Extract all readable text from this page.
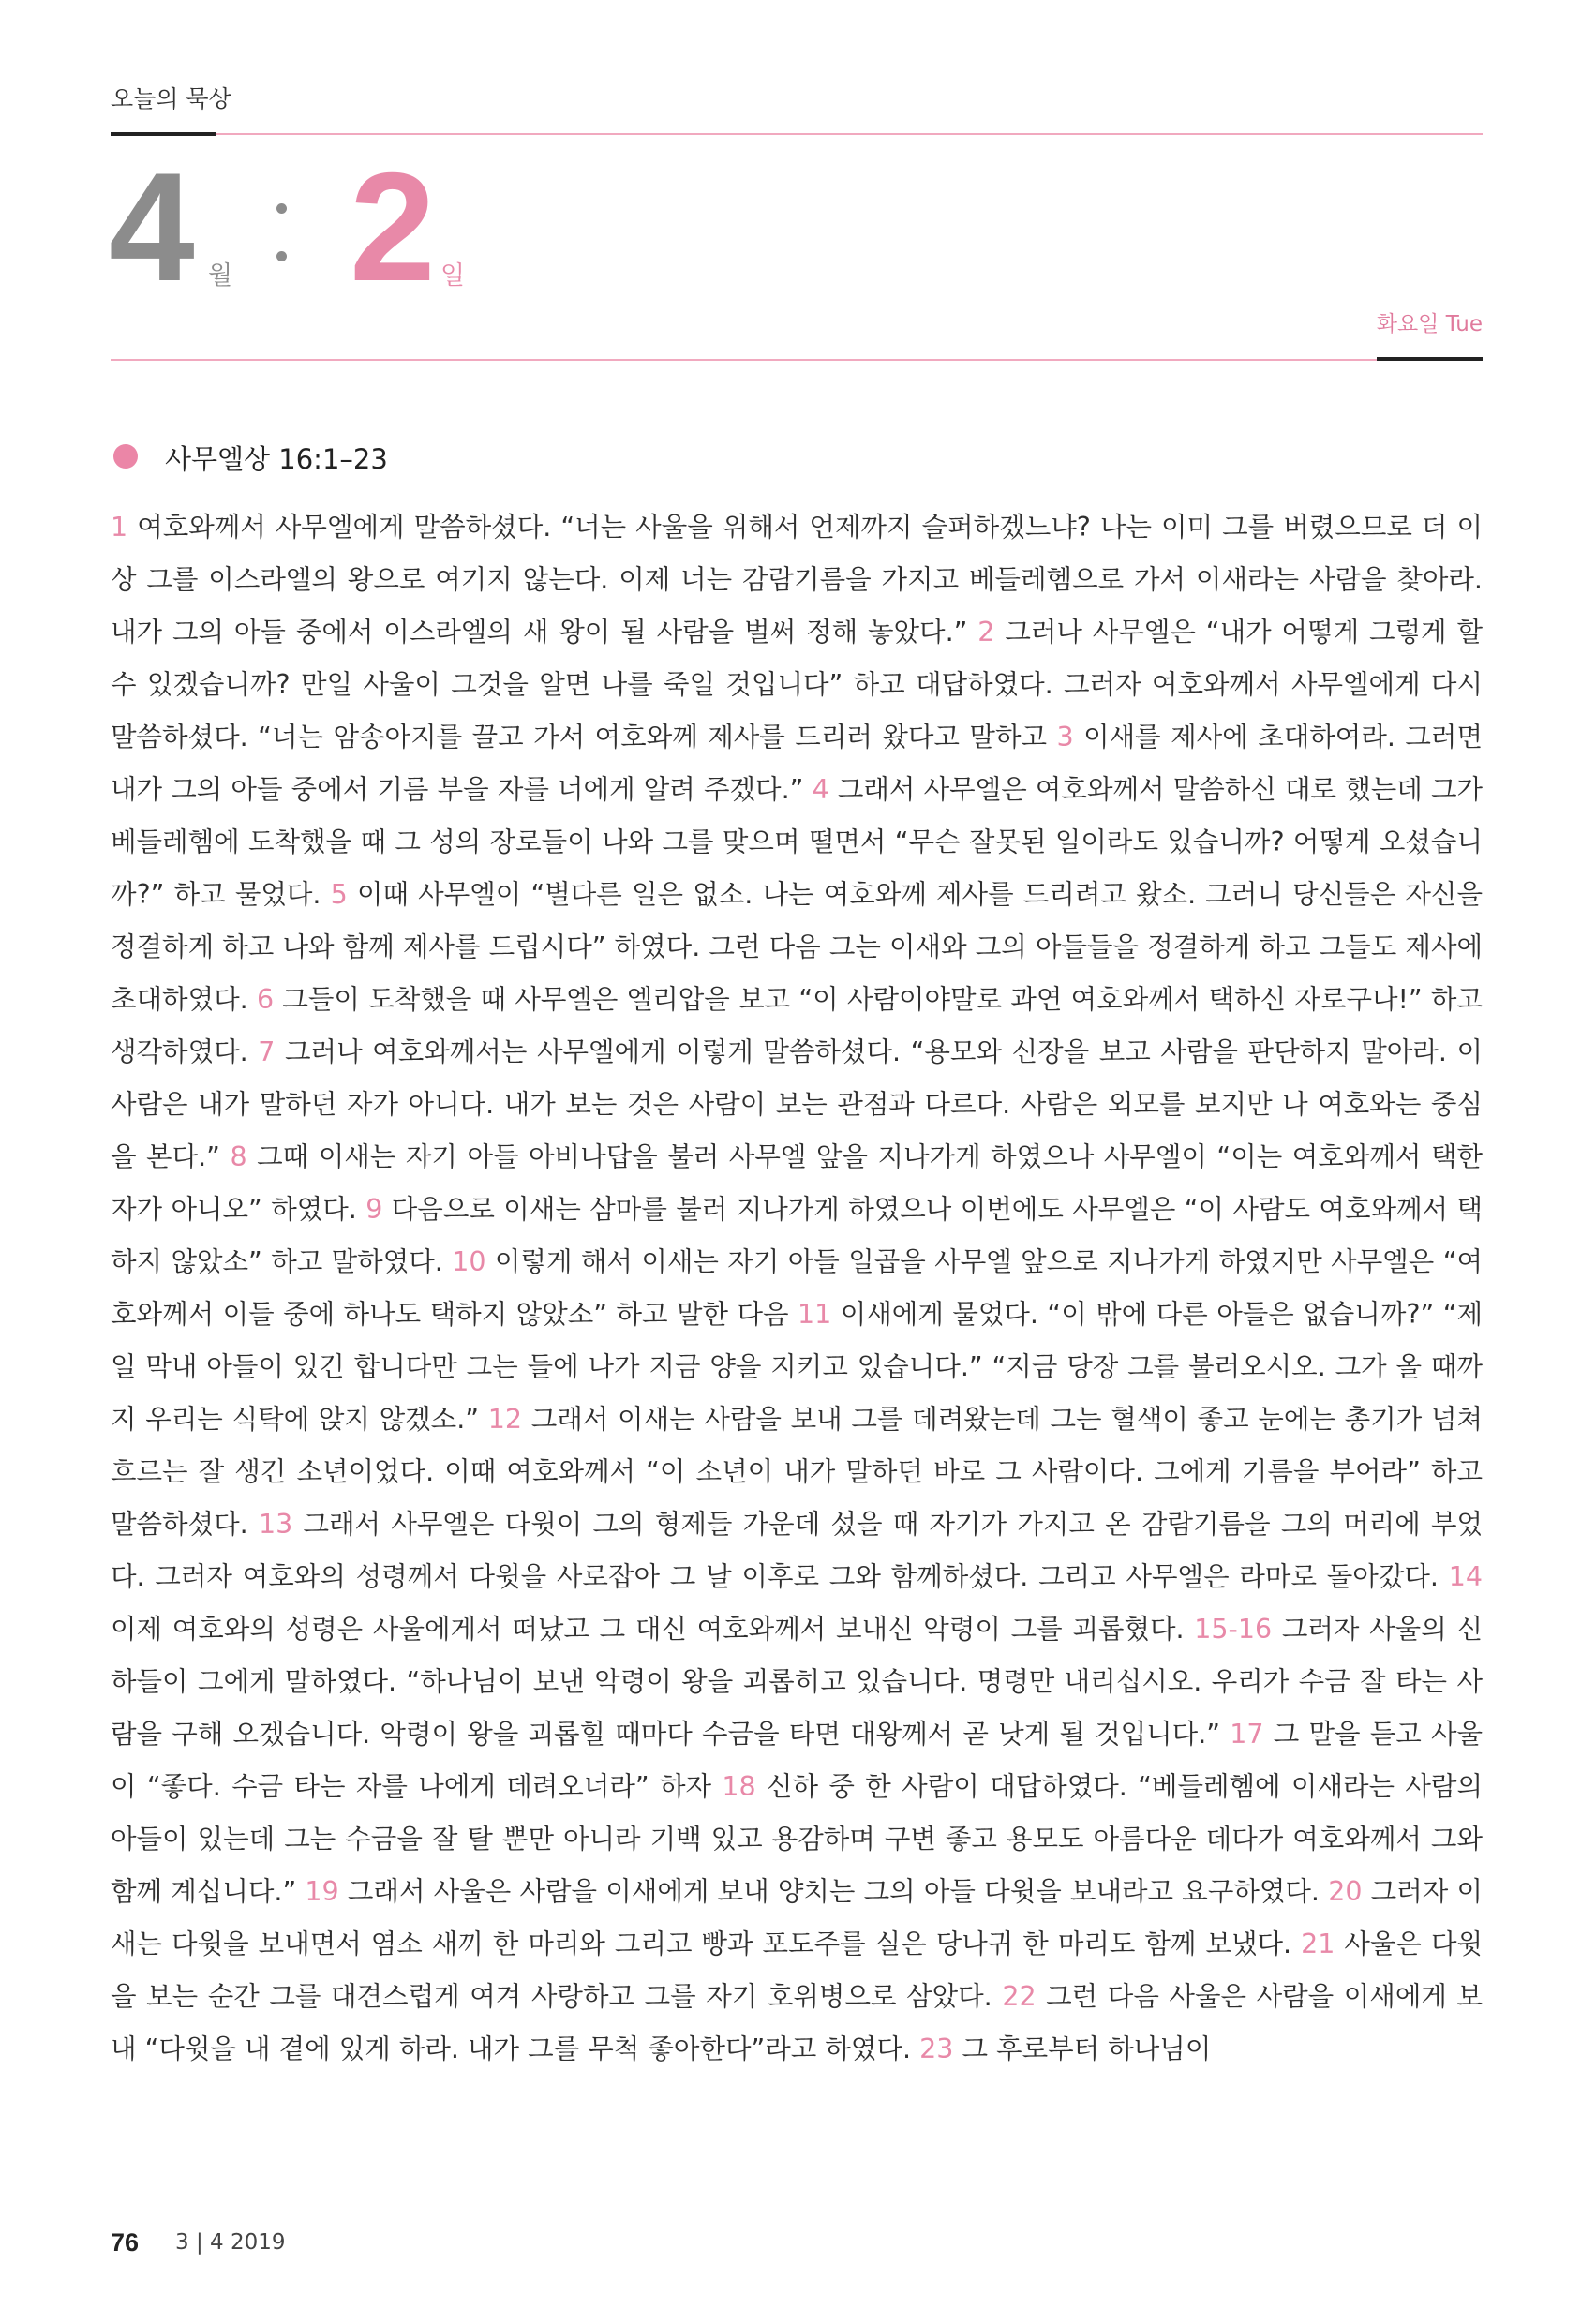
오늘의 묵상
4 월 2 일
화요일 Tue
사무엘상 16:1–23
1 여호와께서 사무엘에게 말씀하셨다. “너는 사울을 위해서 언제까지 슬퍼하겠느냐? 나는 이미 그를 버렸으므로 더 이상 그를 이스라엘의 왕으로 여기지 않는다. 이제 너는 감람기름을 가지고 베들레헴으로 가서 이새라는 사람을 찾아라. 내가 그의 아들 중에서 이스라엘의 새 왕이 될 사람을 벌써 정해 놓았다.” 2 그러나 사무엘은 “내가 어떻게 그렇게 할 수 있겠습니까? 만일 사울이 그것을 알면 나를 죽일 것입니다” 하고 대답하였다. 그러자 여호와께서 사무엘에게 다시 말씀하셨다. “너는 암송아지를 끌고 가서 여호와께 제사를 드리러 왔다고 말하고 3 이새를 제사에 초대하여라. 그러면 내가 그의 아들 중에서 기름 부을 자를 너에게 알려 주겠다.” 4 그래서 사무엘은 여호와께서 말씀하신 대로 했는데 그가 베들레헴에 도착했을 때 그 성의 장로들이 나와 그를 맞으며 떨면서 “무슨 잘못된 일이라도 있습니까? 어떻게 오셨습니까?” 하고 물었다. 5 이때 사무엘이 “별다른 일은 없소. 나는 여호와께 제사를 드리려고 왔소. 그러니 당신들은 자신을 정결하게 하고 나와 함께 제사를 드립시다” 하였다. 그런 다음 그는 이새와 그의 아들들을 정결하게 하고 그들도 제사에 초대하였다. 6 그들이 도착했을 때 사무엘은 엘리압을 보고 “이 사람이야말로 과연 여호와께서 택하신 자로구나!” 하고 생각하였다. 7 그러나 여호와께서는 사무엘에게 이렇게 말씀하셨다. “용모와 신장을 보고 사람을 판단하지 말아라. 이 사람은 내가 말하던 자가 아니다. 내가 보는 것은 사람이 보는 관점과 다르다. 사람은 외모를 보지만 나 여호와는 중심을 본다.” 8 그때 이새는 자기 아들 아비나답을 불러 사무엘 앞을 지나가게 하였으나 사무엘이 “이는 여호와께서 택한 자가 아니오” 하였다. 9 다음으로 이새는 삼마를 불러 지나가게 하였으나 이번에도 사무엘은 “이 사람도 여호와께서 택하지 않았소” 하고 말하였다. 10 이렇게 해서 이새는 자기 아들 일곱을 사무엘 앞으로 지나가게 하였지만 사무엘은 “여호와께서 이들 중에 하나도 택하지 않았소” 하고 말한 다음 11 이새에게 물었다. “이 밖에 다른 아들은 없습니까?” “제일 막내 아들이 있긴 합니다만 그는 들에 나가 지금 양을 지키고 있습니다.” “지금 당장 그를 불러오시오. 그가 올 때까지 우리는 식탁에 앉지 않겠소.” 12 그래서 이새는 사람을 보내 그를 데려왔는데 그는 혈색이 좋고 눈에는 총기가 넘쳐흐르는 잘 생긴 소년이었다. 이때 여호와께서 “이 소년이 내가 말하던 바로 그 사람이다. 그에게 기름을 부어라” 하고 말씀하셨다. 13 그래서 사무엘은 다윗이 그의 형제들 가운데 섰을 때 자기가 가지고 온 감람기름을 그의 머리에 부었다. 그러자 여호와의 성령께서 다윗을 사로잡아 그 날 이후로 그와 함께하셨다. 그리고 사무엘은 라마로 돌아갔다. 14 이제 여호와의 성령은 사울에게서 떠났고 그 대신 여호와께서 보내신 악령이 그를 괴롭혔다. 15-16 그러자 사울의 신하들이 그에게 말하였다. “하나님이 보낸 악령이 왕을 괴롭히고 있습니다. 명령만 내리십시오. 우리가 수금 잘 타는 사람을 구해 오겠습니다. 악령이 왕을 괴롭힐 때마다 수금을 타면 대왕께서 곧 낫게 될 것입니다.” 17 그 말을 듣고 사울이 “좋다. 수금 타는 자를 나에게 데려오너라” 하자 18 신하 중 한 사람이 대답하였다. “베들레헴에 이새라는 사람의 아들이 있는데 그는 수금을 잘 탈 뿐만 아니라 기백 있고 용감하며 구변 좋고 용모도 아름다운 데다가 여호와께서 그와 함께 계십니다.” 19 그래서 사울은 사람을 이새에게 보내 양치는 그의 아들 다윗을 보내라고 요구하였다. 20 그러자 이새는 다윗을 보내면서 염소 새끼 한 마리와 그리고 빵과 포도주를 실은 당나귀 한 마리도 함께 보냈다. 21 사울은 다윗을 보는 순간 그를 대견스럽게 여겨 사랑하고 그를 자기 호위병으로 삼았다. 22 그런 다음 사울은 사람을 이새에게 보내 “다윗을 내 곁에 있게 하라. 내가 그를 무척 좋아한다”라고 하였다. 23 그 후로부터 하나님이
76 3 | 4 2019
